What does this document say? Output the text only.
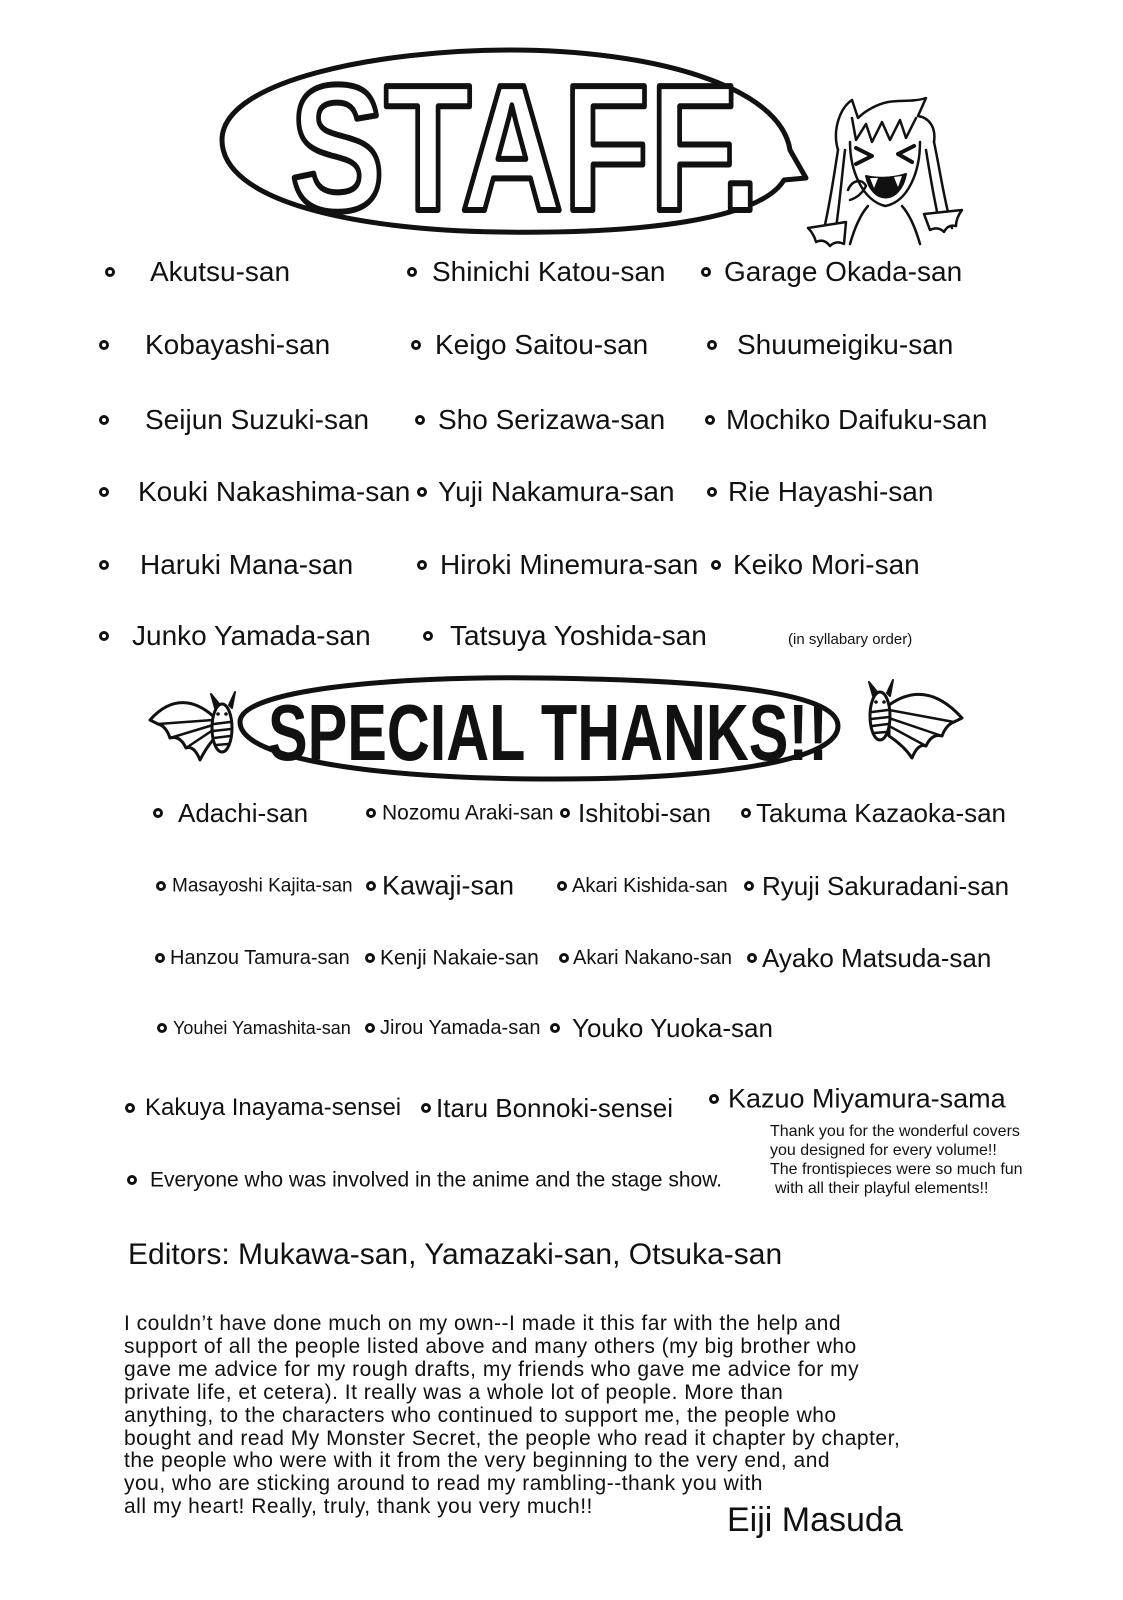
STAFF.
SPECIAL THANKS!!
Akutsu-san	Shinichi Katou-san Garage Okada-san
Kobayashi-san	Keigo Saitou-san	Shuumeigiku-san
Seijun Suzuki-san Sho Serizawa-san Mochiko Daifuku-san
Kouki Nakashima-san Yuji Nakamura-san Rie Hayashi-san
Haruki Mana-san	Hiroki Minemura-san Keiko Mori-san
Junko Yamada-san	Tatsuya Yoshida-san	(in syllabary order)
Adachi-san	Nozomu Araki-san Ishitobi-san Takuma Kazaoka-san
Masayoshi Kajita-san Kawaji-san	Akari Kishida-san Ryuji Sakuradani-san
Hanzou Tamura-san Kenji Nakaie-san Akari Nakano-san Ayako Matsuda-san
Youhei Yamashita-san Jirou Yamada-san Youko Yuoka-san
Kakuya Inayama-sensei Itaru Bonnoki-sensei Kazuo Miyamura-sama
Thank you for the wonderful covers
you designed for every volume!!
The frontispieces were so much fun
with all their playful elements!!
Everyone who was involved in the anime and the stage show.
Editors: Mukawa-san, Yamazaki-san, Otsuka-san
I couldn’t have done much on my own--I made it this far with the help and
support of all the people listed above and many others (my big brother who
gave me advice for my rough drafts, my friends who gave me advice for my
private life, et cetera). It really was a whole lot of people. More than
anything, to the characters who continued to support me, the people who
bought and read My Monster Secret, the people who read it chapter by chapter,
the people who were with it from the very beginning to the very end, and
you, who are sticking around to read my rambling--thank you with
all my heart! Really, truly, thank you very much!!	Eiji Masuda
